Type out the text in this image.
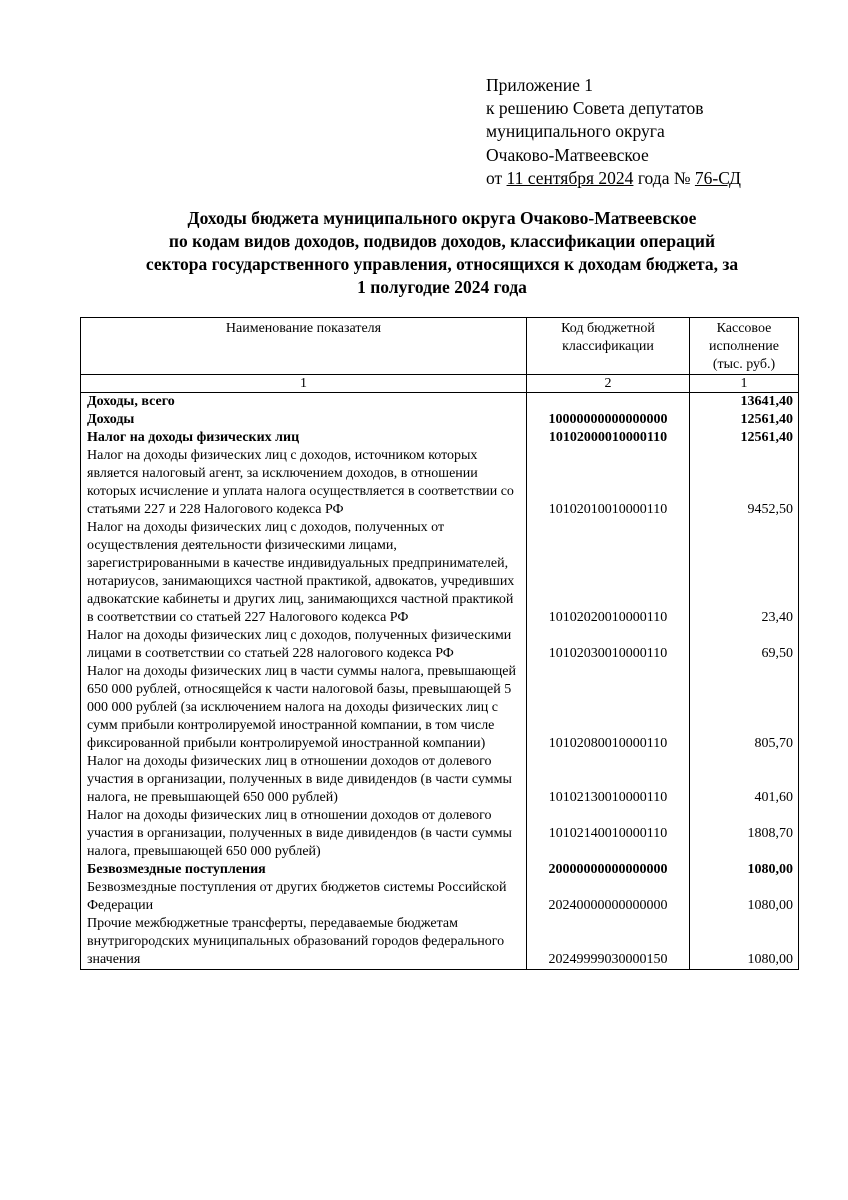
Приложение 1
к решению Совета депутатов
муниципального округа
Очаково-Матвеевское
от 11 сентября 2024 года № 76-СД
Доходы бюджета муниципального округа Очаково-Матвеевское
по кодам видов доходов, подвидов доходов, классификации операций
сектора государственного управления, относящихся к доходам бюджета, за
1 полугодие 2024 года
Наименование показателя	Код бюджетной классификации	Кассовое исполнение (тыс. руб.)
1	2	1
Доходы, всего		13641,40
Доходы	10000000000000000	12561,40
Налог на доходы физических лиц	10102000010000110	12561,40
Налог на доходы физических лиц с доходов, источником которых является налоговый агент, за исключением доходов, в отношении которых исчисление и уплата налога осуществляется в соответствии со статьями 227 и 228 Налогового кодекса РФ	10102010010000110	9452,50
Налог на доходы физических лиц с доходов, полученных от осуществления деятельности физическими лицами, зарегистрированными в качестве индивидуальных предпринимателей, нотариусов, занимающихся частной практикой, адвокатов, учредивших адвокатские кабинеты и других лиц, занимающихся частной практикой в соответствии со статьей 227 Налогового кодекса РФ	10102020010000110	23,40
Налог на доходы физических лиц с доходов, полученных физическими лицами в соответствии со статьей 228 налогового кодекса РФ	10102030010000110	69,50
Налог на доходы физических лиц в части суммы налога, превышающей 650 000 рублей, относящейся к части налоговой базы, превышающей 5 000 000 рублей (за исключением налога на доходы физических лиц с сумм прибыли контролируемой иностранной компании, в том числе фиксированной прибыли контролируемой иностранной компании)	10102080010000110	805,70
Налог на доходы физических лиц в отношении доходов от долевого участия в организации, полученных в виде дивидендов (в части суммы налога, не превышающей 650 000 рублей)	10102130010000110	401,60
Налог на доходы физических лиц в отношении доходов от долевого участия в организации, полученных в виде дивидендов (в части суммы налога, превышающей 650 000 рублей)	10102140010000110	1808,70
Безвозмездные поступления	20000000000000000	1080,00
Безвозмездные поступления от других бюджетов системы Российской Федерации	20240000000000000	1080,00
Прочие межбюджетные трансферты, передаваемые бюджетам внутригородских муниципальных образований городов федерального значения	20249999030000150	1080,00
